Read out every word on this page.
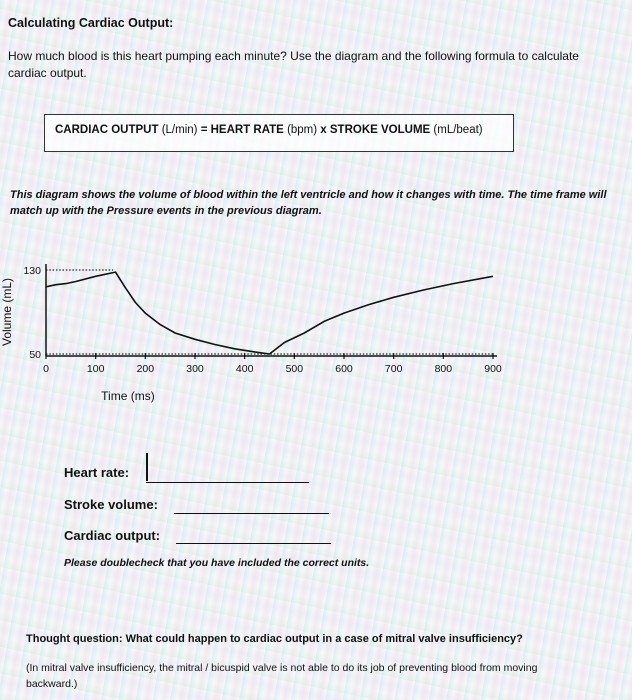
Calculating Cardiac Output:
How much blood is this heart pumping each minute? Use the diagram and the following formula to calculate cardiac output.
CARDIAC OUTPUT (L/min) = HEART RATE (bpm) x STROKE VOLUME (mL/beat)
This diagram shows the volume of blood within the left ventricle and how it changes with time. The time frame will match up with the Pressure events in the previous diagram.
0	100	200	300	400	500	600	700	800	900
130
50
Time (ms)
Volume (mL)
Heart rate:
Stroke volume:
Cardiac output:
Please doublecheck that you have included the correct units.
Thought question: What could happen to cardiac output in a case of mitral valve insufficiency?
(In mitral valve insufficiency, the mitral / bicuspid valve is not able to do its job of preventing blood from moving backward.)
